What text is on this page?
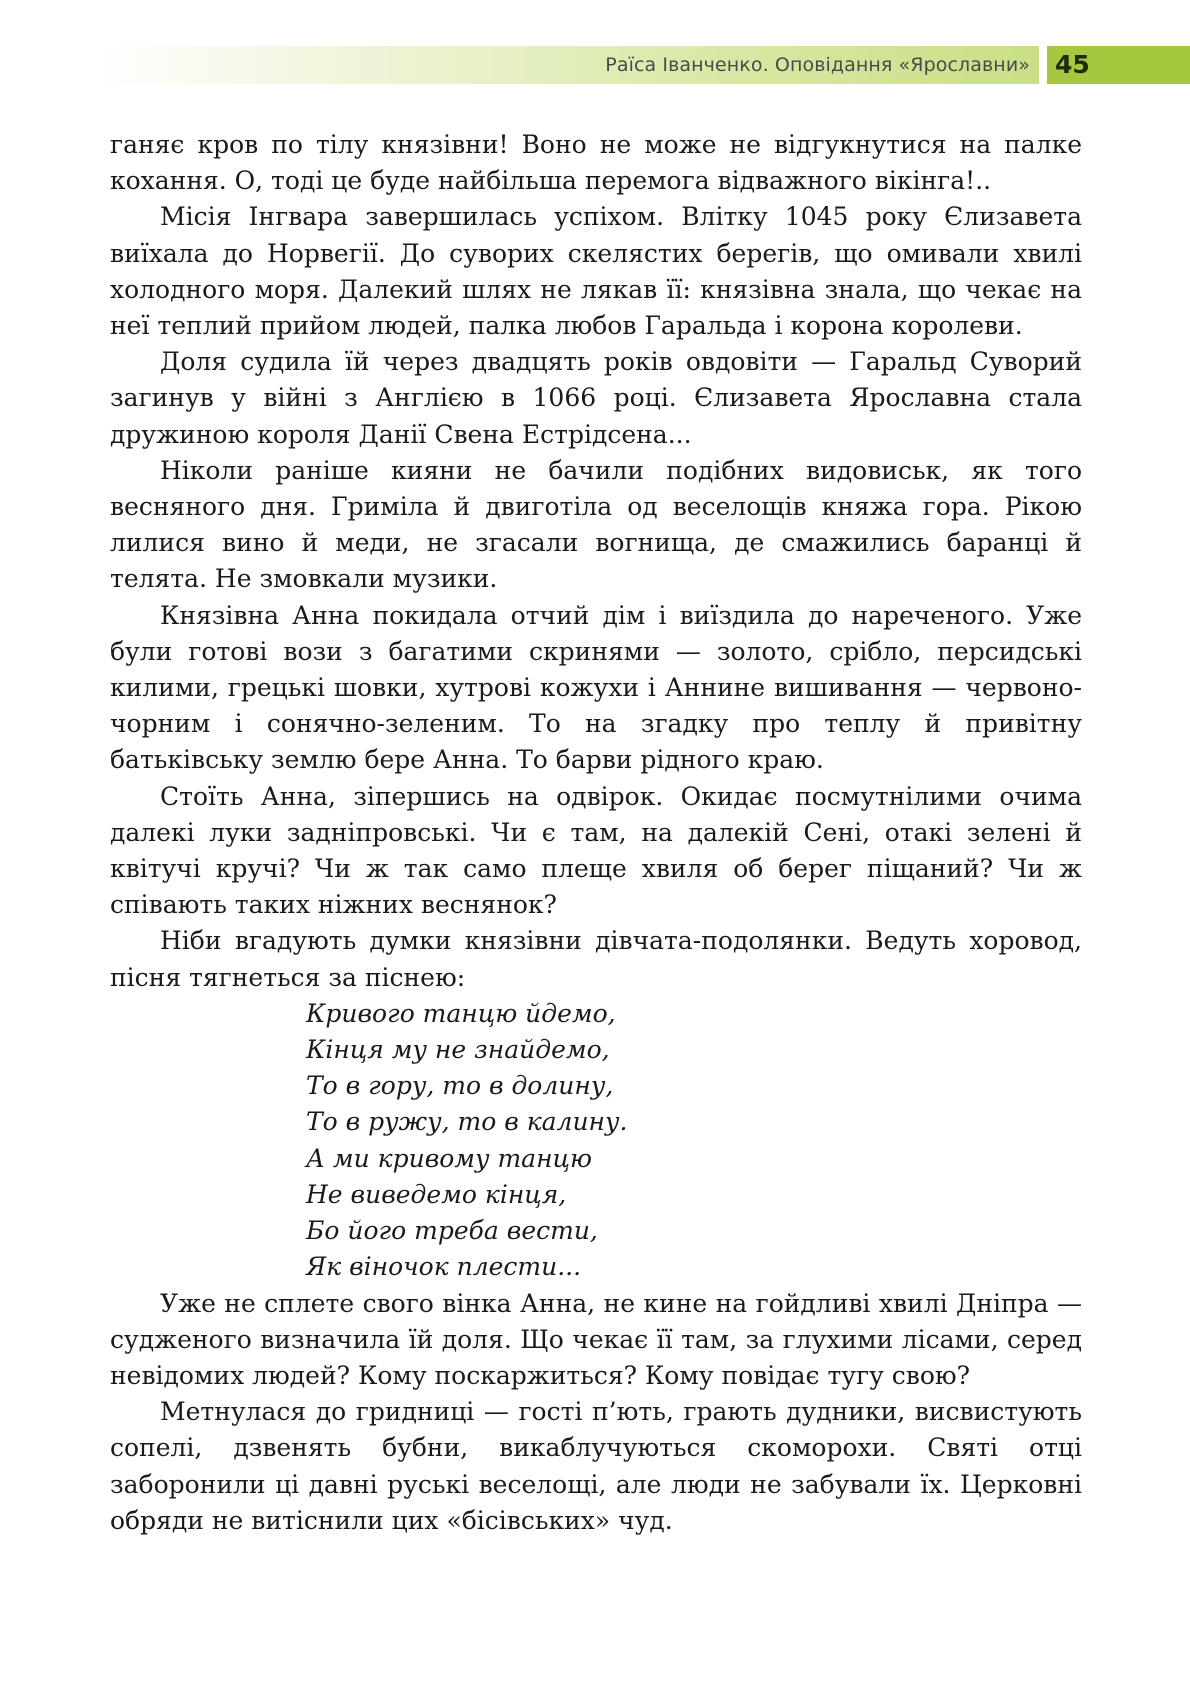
Раїса Іванченко. Оповідання «Ярославни» 45

ганяє кров по тілу князівни! Воно не може не відгукнутися на палке кохання. О, тоді це буде найбільша перемога відважного вікінга!..

Місія Інгвара завершилась успіхом. Влітку 1045 року Єлизавета виїхала до Норвегії. До суворих скелястих берегів, що омивали хвилі холодного моря. Далекий шлях не лякав її: князівна знала, що чекає на неї теплий прийом людей, палка любов Гаральда і корона королеви.

Доля судила їй через двадцять років овдовіти — Гаральд Суворий загинув у війні з Англією в 1066 році. Єлизавета Ярославна стала дружиною короля Данії Свена Естрідсена...

Ніколи раніше кияни не бачили подібних видовиськ, як того весняного дня. Гриміла й двиготіла од веселощів княжа гора. Рікою лилися вино й меди, не згасали вогнища, де смажились баранці й телята. Не змовкали музики.

Князівна Анна покидала отчий дім і виїздила до нареченого. Уже були готові вози з багатими скринями — золото, срібло, перcидські килими, грецькі шовки, хутрові кожухи і Аннине вишивання — червоно-чорним і сонячно-зеленим. То на згадку про теплу й привітну батьківську землю бере Анна. То барви рідного краю.

Стоїть Анна, зіпершись на одвірок. Окидає посмутнілими очима далекі луки задніпровські. Чи є там, на далекій Сені, отакі зелені й квітучі кручі? Чи ж так само плеще хвиля об берег піщаний? Чи ж співають таких ніжних веснянок?

Ніби вгадують думки князівни дівчата-подолянки. Ведуть хоровод, пісня тягнеться за піснею:

Кривого танцю йдемо,
Кінця му не знайдемо,
То в гору, то в долину,
То в ружу, то в калину.
А ми кривому танцю
Не виведемо кінця,
Бо його треба вести,
Як віночок плести...

Уже не сплете свого вінка Анна, не кине на гойдливі хвилі Дніпра — судженого визначила їй доля. Що чекає її там, за глухими лісами, серед невідомих людей? Кому поскаржиться? Кому повідає тугу свою?

Метнулася до гридниці — гості п’ють, грають дудники, висвистують сопелі, дзвенять бубни, викаблучуються скоморохи. Святі отці заборонили ці давні руські веселощі, але люди не забували їх. Церковні обряди не витіснили цих «бісівських» чуд.
